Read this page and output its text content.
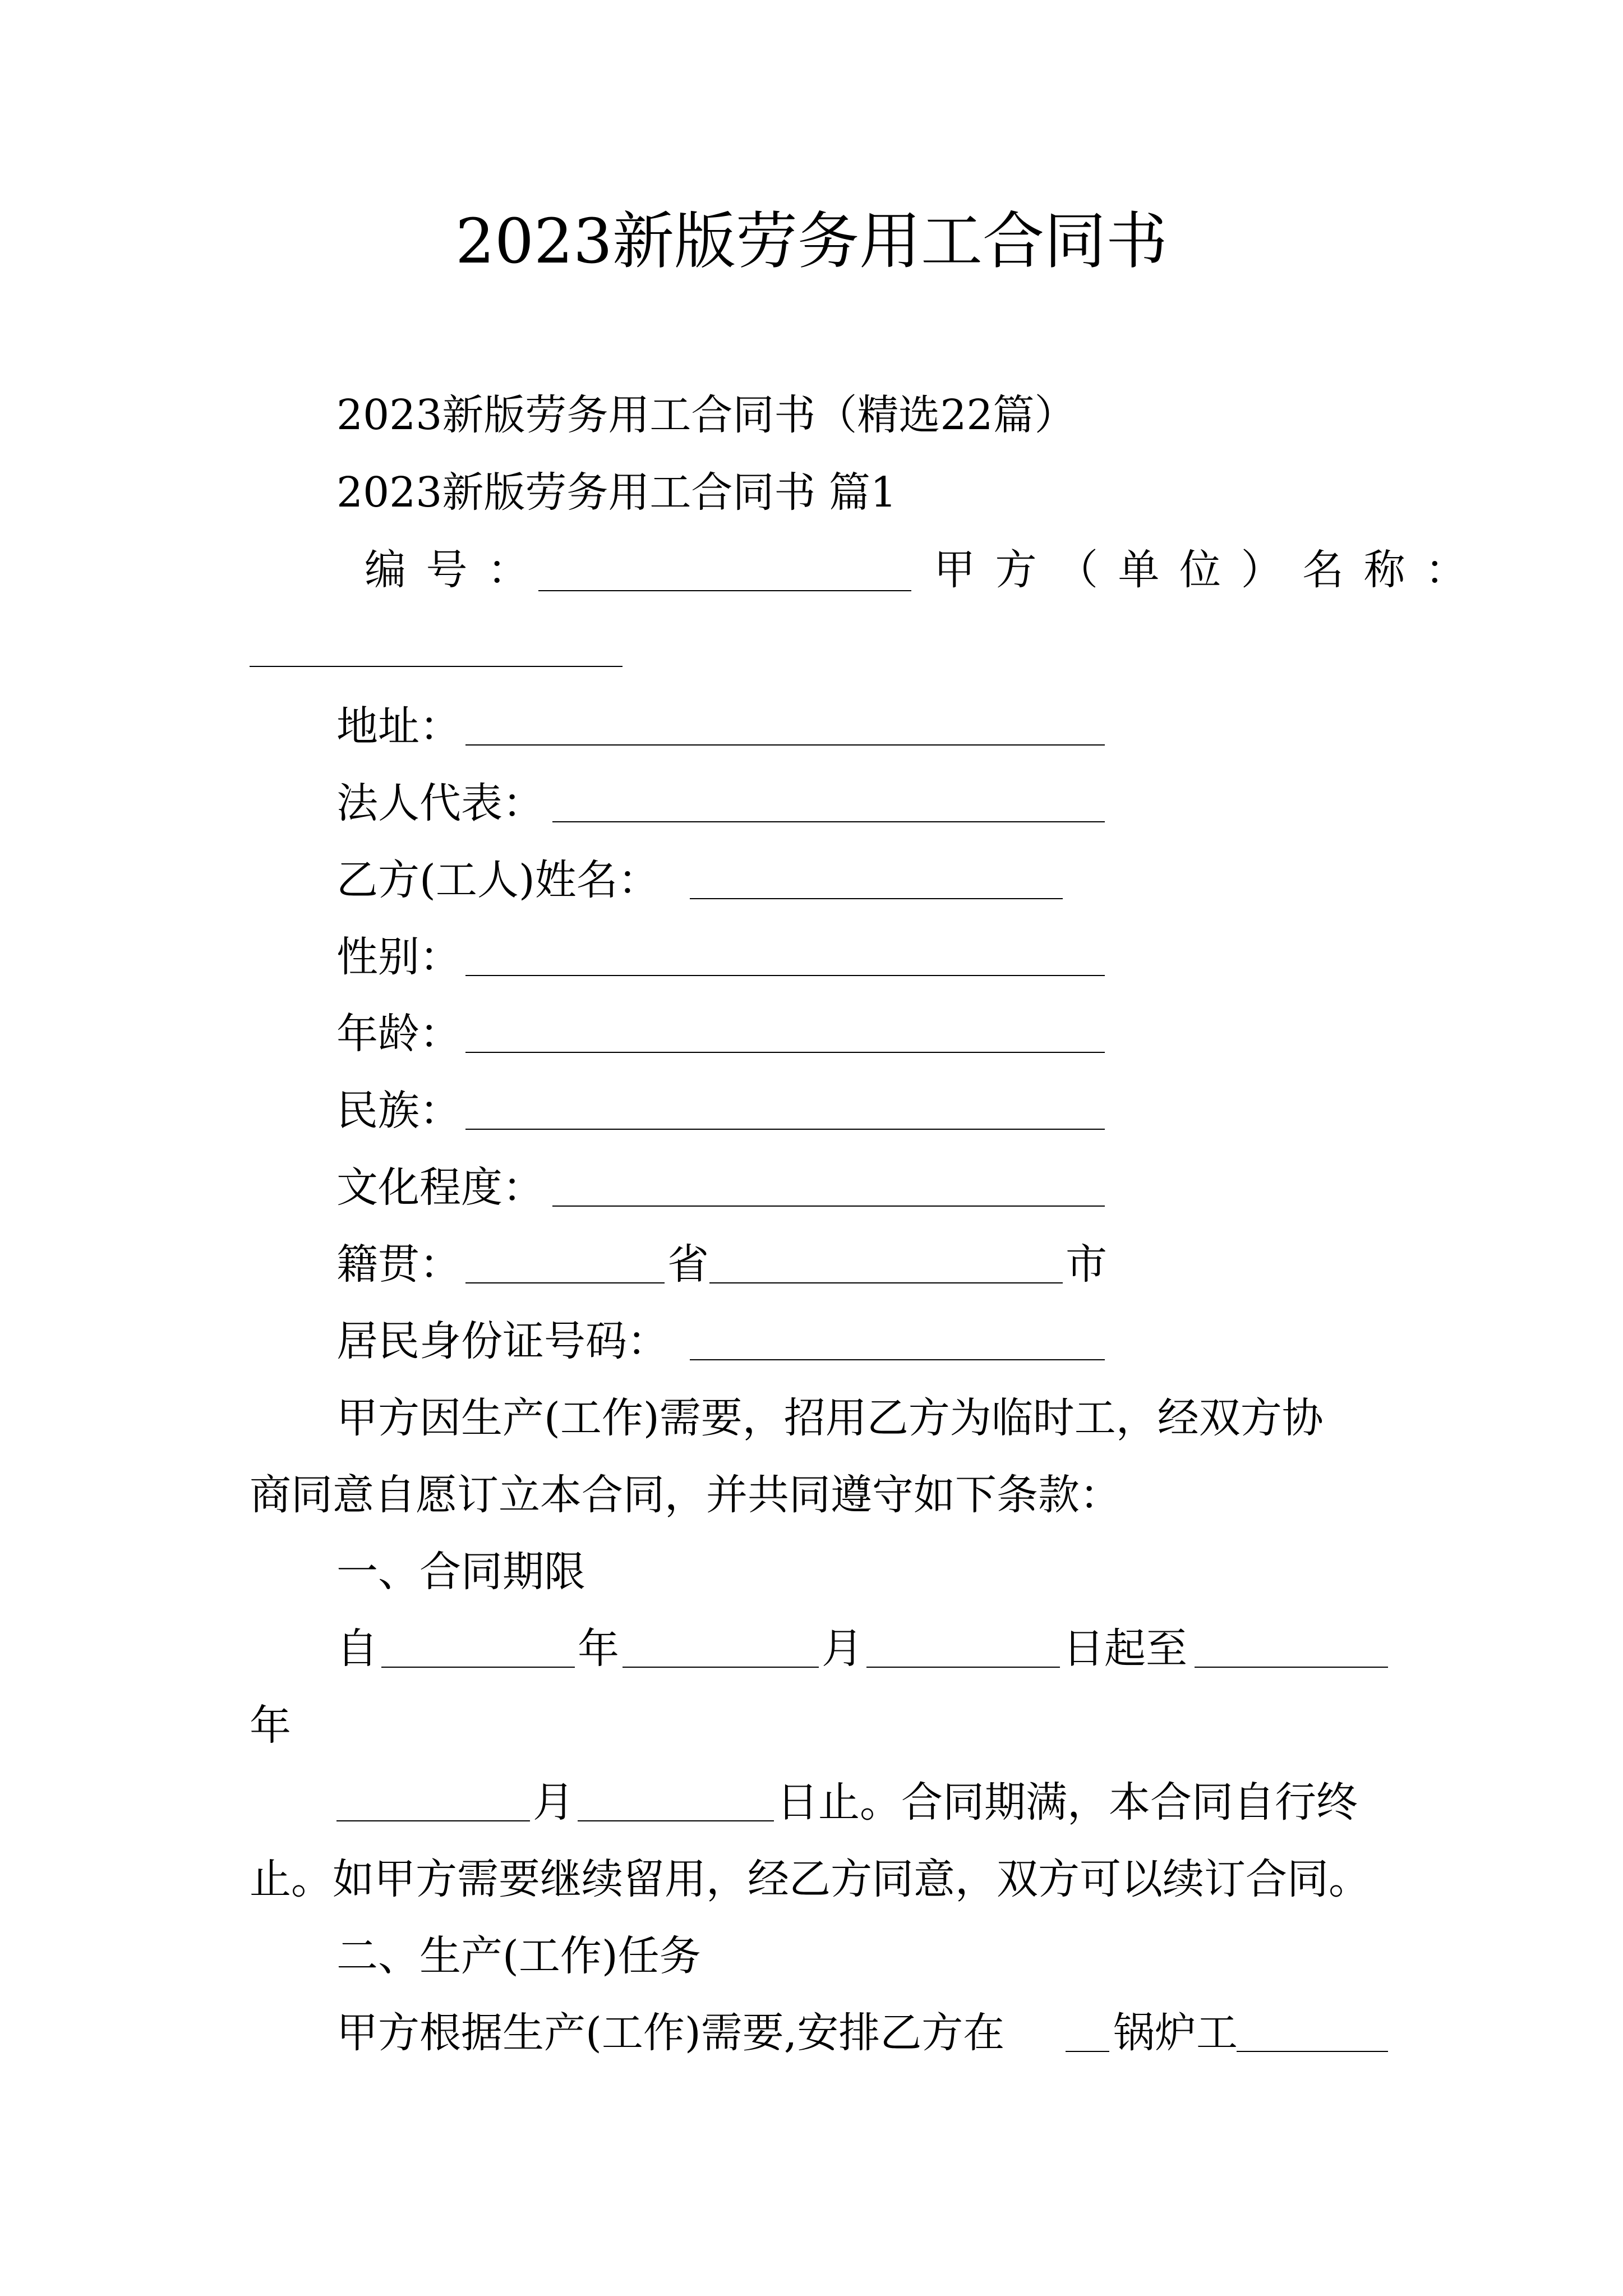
2023新版劳务用工合同书
2023新版劳务用工合同书（精选22篇）
2023新版劳务用工合同书 篇1
编号：	甲方（单位）名称：
地址：
法人代表：
乙方(工人)姓名：
性别：
年龄：
民族：
文化程度：
籍贯：	省	市
居民身份证号码：
甲方因生产(工作)需要，招用乙方为临时工，经双方协
商同意自愿订立本合同，并共同遵守如下条款：
一、合同期限
自	年	月	日起至
年
月	日止。合同期满，本合同自行终
止。如甲方需要继续留用，经乙方同意，双方可以续订合同。
二、生产(工作)任务
甲方根据生产(工作)需要,安排乙方在	锅炉工
